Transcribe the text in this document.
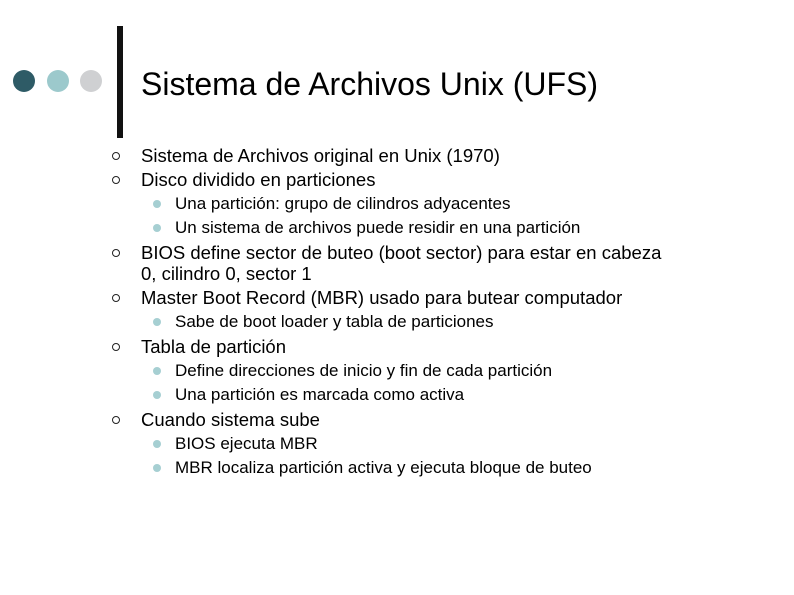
Sistema de Archivos Unix (UFS)
Sistema de Archivos original en Unix (1970)
Disco dividido en particiones
Una partición: grupo de cilindros adyacentes
Un sistema de archivos puede residir en una partición
BIOS define sector de buteo (boot sector) para estar en cabeza
0, cilindro 0, sector 1
Master Boot Record (MBR) usado para butear computador
Sabe de boot loader y tabla de particiones
Tabla de partición
Define direcciones de inicio y fin de cada partición
Una partición es marcada como activa
Cuando sistema sube
BIOS ejecuta MBR
MBR localiza partición activa y ejecuta bloque de buteo
